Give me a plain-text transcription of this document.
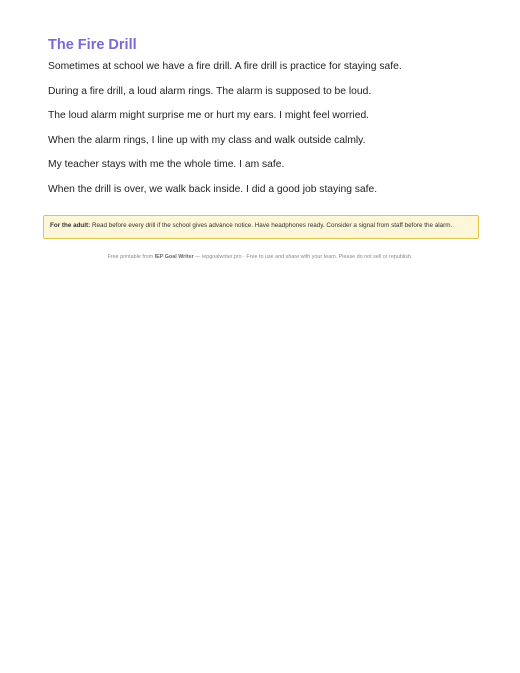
The Fire Drill

Sometimes at school we have a fire drill. A fire drill is practice for staying safe.

During a fire drill, a loud alarm rings. The alarm is supposed to be loud.

The loud alarm might surprise me or hurt my ears. I might feel worried.

When the alarm rings, I line up with my class and walk outside calmly.

My teacher stays with me the whole time. I am safe.

When the drill is over, we walk back inside. I did a good job staying safe.

For the adult: Read before every drill if the school gives advance notice. Have headphones ready. Consider a signal from staff before the alarm.
Free printable from IEP Goal Writer — iepgoalwriter.pro · Free to use and share with your team. Please do not sell or republish.
